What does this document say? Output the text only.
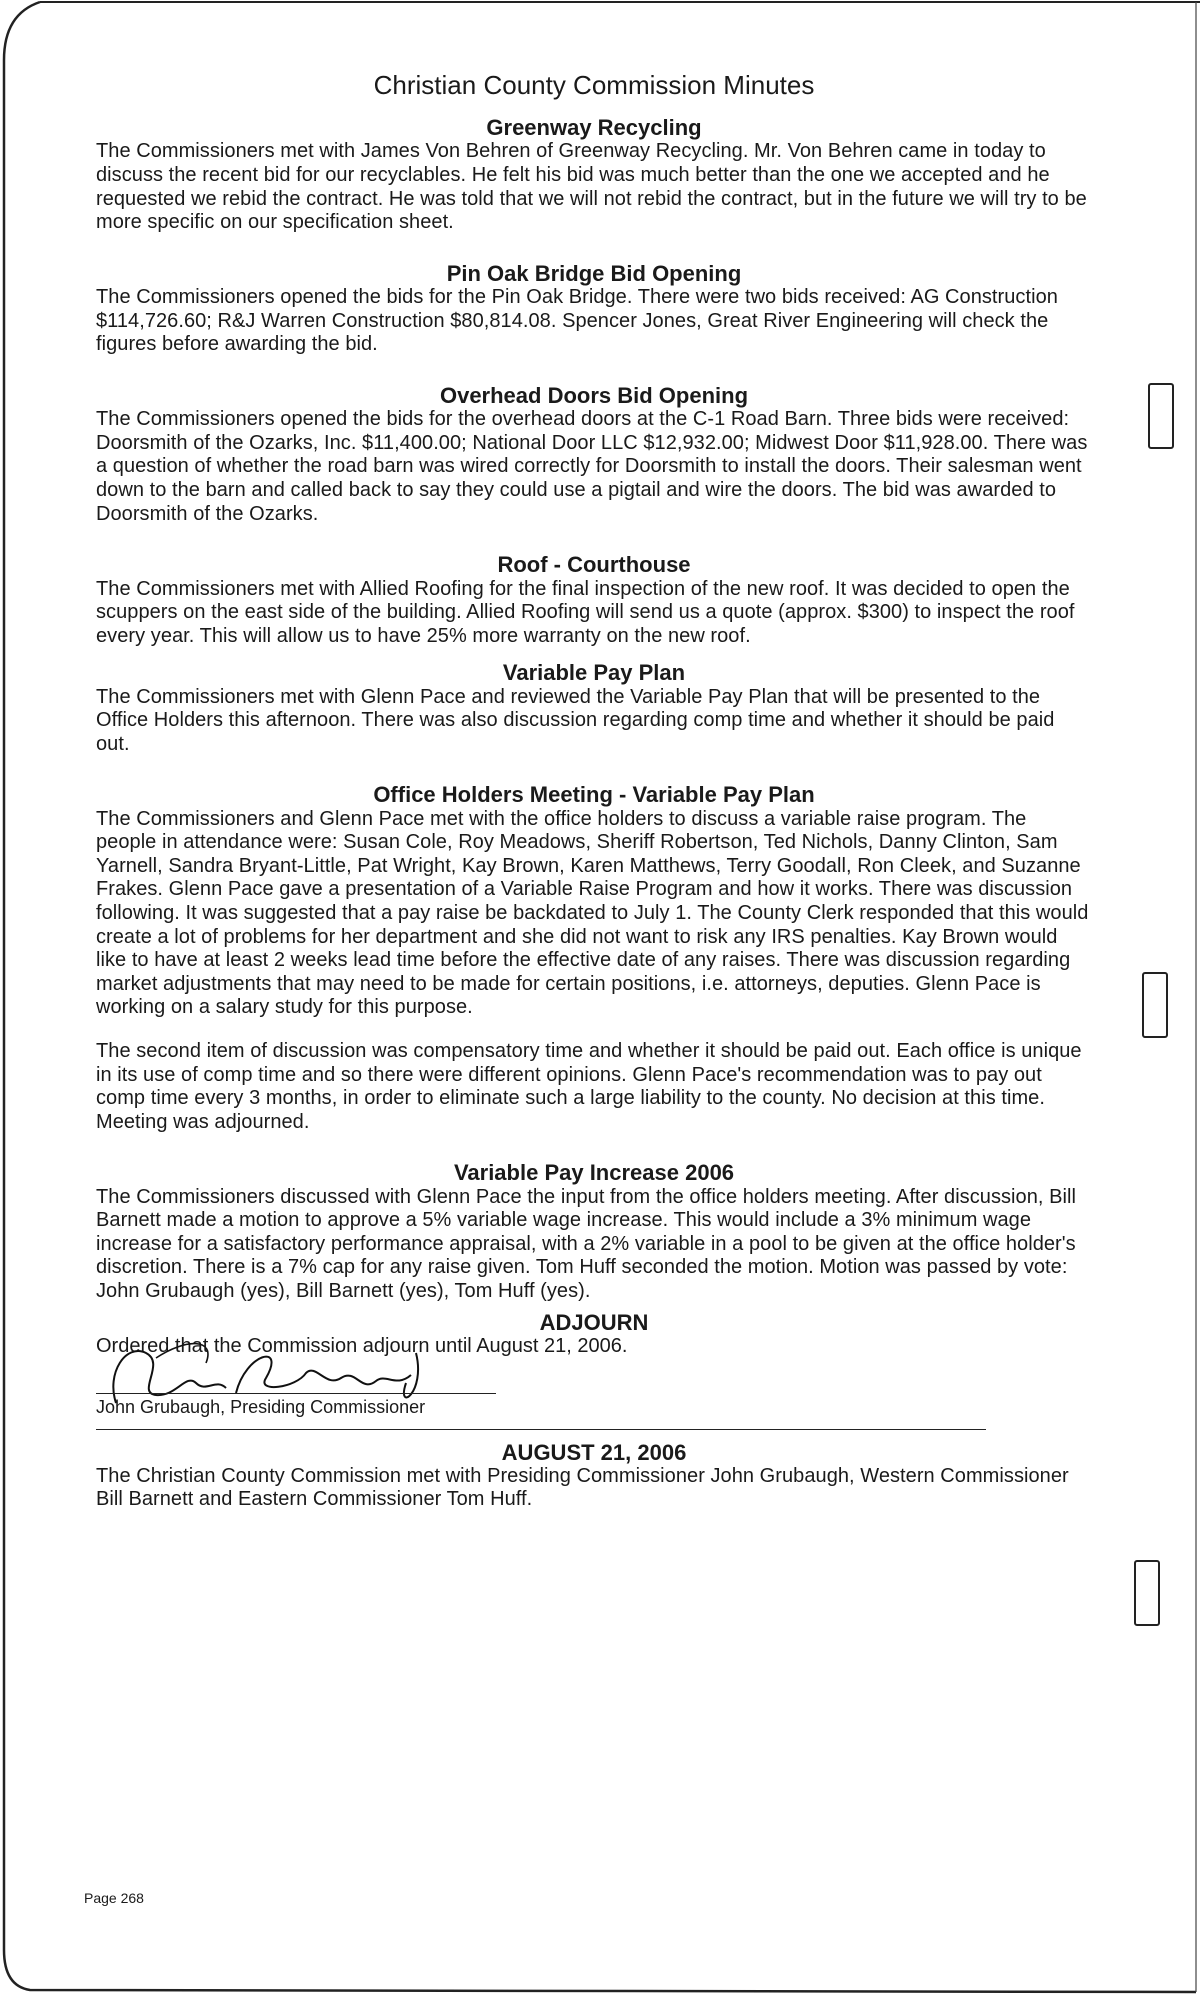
Christian County Commission Minutes
Greenway Recycling

The Commissioners met with James Von Behren of Greenway Recycling. Mr. Von Behren came in today to discuss the recent bid for our recyclables. He felt his bid was much better than the one we accepted and he requested we rebid the contract. He was told that we will not rebid the contract, but in the future we will try to be more specific on our specification sheet.

Pin Oak Bridge Bid Opening

The Commissioners opened the bids for the Pin Oak Bridge. There were two bids received: AG Construction $114,726.60; R&J Warren Construction $80,814.08. Spencer Jones, Great River Engineering will check the figures before awarding the bid.

Overhead Doors Bid Opening

The Commissioners opened the bids for the overhead doors at the C-1 Road Barn. Three bids were received: Doorsmith of the Ozarks, Inc. $11,400.00; National Door LLC $12,932.00; Midwest Door $11,928.00. There was a question of whether the road barn was wired correctly for Doorsmith to install the doors. Their salesman went down to the barn and called back to say they could use a pigtail and wire the doors. The bid was awarded to Doorsmith of the Ozarks.

Roof - Courthouse

The Commissioners met with Allied Roofing for the final inspection of the new roof. It was decided to open the scuppers on the east side of the building. Allied Roofing will send us a quote (approx. $300) to inspect the roof every year. This will allow us to have 25% more warranty on the new roof.

Variable Pay Plan

The Commissioners met with Glenn Pace and reviewed the Variable Pay Plan that will be presented to the Office Holders this afternoon. There was also discussion regarding comp time and whether it should be paid out.

Office Holders Meeting - Variable Pay Plan

The Commissioners and Glenn Pace met with the office holders to discuss a variable raise program. The people in attendance were: Susan Cole, Roy Meadows, Sheriff Robertson, Ted Nichols, Danny Clinton, Sam Yarnell, Sandra Bryant-Little, Pat Wright, Kay Brown, Karen Matthews, Terry Goodall, Ron Cleek, and Suzanne Frakes. Glenn Pace gave a presentation of a Variable Raise Program and how it works. There was discussion following. It was suggested that a pay raise be backdated to July 1. The County Clerk responded that this would create a lot of problems for her department and she did not want to risk any IRS penalties. Kay Brown would like to have at least 2 weeks lead time before the effective date of any raises. There was discussion regarding market adjustments that may need to be made for certain positions, i.e. attorneys, deputies. Glenn Pace is working on a salary study for this purpose.

The second item of discussion was compensatory time and whether it should be paid out. Each office is unique in its use of comp time and so there were different opinions. Glenn Pace's recommendation was to pay out comp time every 3 months, in order to eliminate such a large liability to the county. No decision at this time. Meeting was adjourned.

Variable Pay Increase 2006

The Commissioners discussed with Glenn Pace the input from the office holders meeting. After discussion, Bill Barnett made a motion to approve a 5% variable wage increase. This would include a 3% minimum wage increase for a satisfactory performance appraisal, with a 2% variable in a pool to be given at the office holder's discretion. There is a 7% cap for any raise given. Tom Huff seconded the motion. Motion was passed by vote: John Grubaugh (yes), Bill Barnett (yes), Tom Huff (yes).

ADJOURN

Ordered that the Commission adjourn until August 21, 2006.

John Grubaugh, Presiding Commissioner
AUGUST 21, 2006

The Christian County Commission met with Presiding Commissioner John Grubaugh, Western Commissioner Bill Barnett and Eastern Commissioner Tom Huff.

Page 268
